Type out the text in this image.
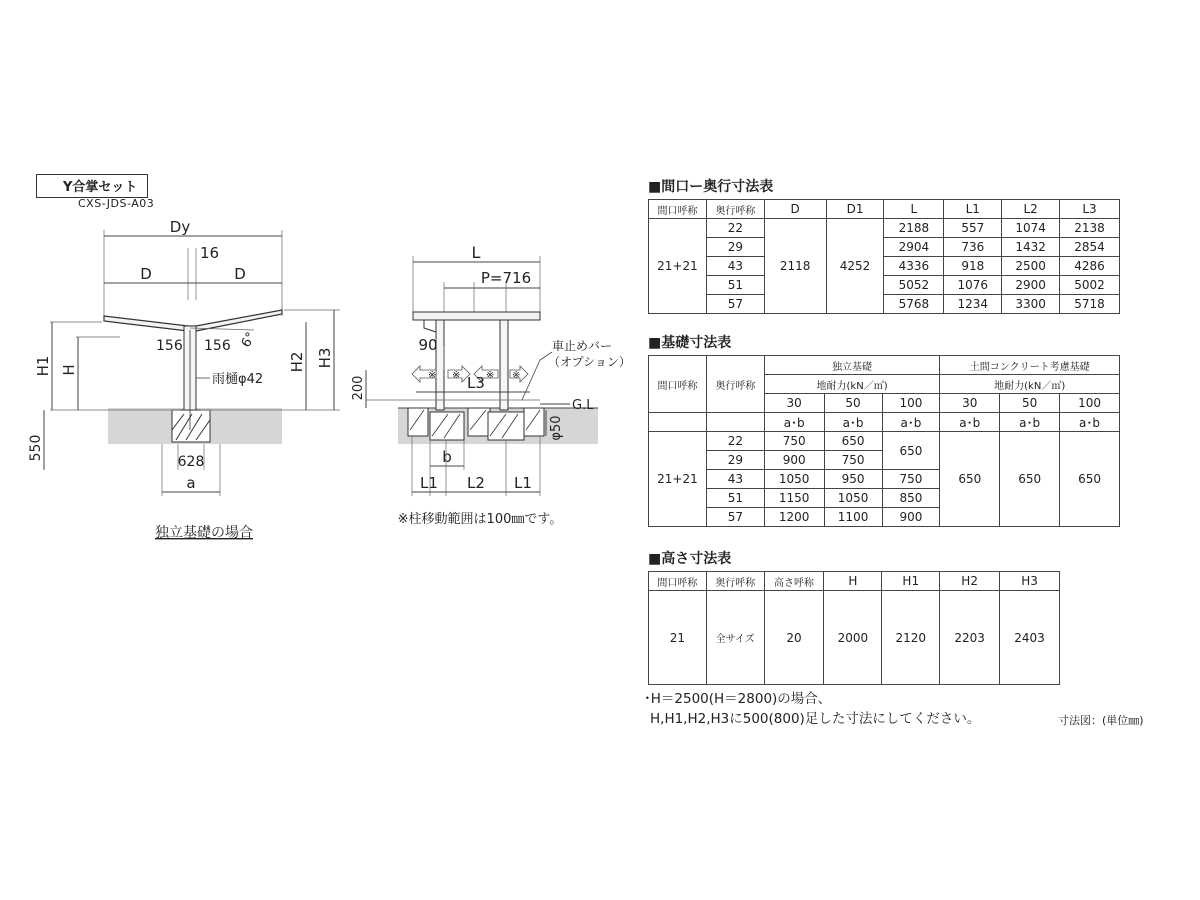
Y合掌セット
CXS-JDS-A03
Dy
16
D	D
H1 H	H2 H3
156 156 6°
雨樋φ42
550
628
a
独立基礎の場合
L
P=716
90
※ ※	※ ※
L3
200
G.L
φ50
車止めバー
（オプション）
b
L1 L2 L1
※柱移動範囲は100㎜です。
■間口ー奥行寸法表
間口呼称	奥行呼称	D	D1	L	L1	L2	L3
21+21	22	2118	4252	2188	557	1074	2138
	29			2904	736	1432	2854
	43			4336	918	2500	4286
	51			5052	1076	2900	5002
	57			5768	1234	3300	5718
■基礎寸法表
間口呼称	奥行呼称	独立基礎			土間コンクリート考慮基礎		
		地耐力(kN／㎡)			地耐力(kN／㎡)		
		30	50	100	30	50	100
		a･b	a･b	a･b	a･b	a･b	a･b
21+21	22	750	650	650	650	650	650
	29	900	750				
	43	1050	950	750			
	51	1150	1050	850			
	57	1200	1100	900			
■高さ寸法表
間口呼称	奥行呼称	高さ呼称	H	H1	H2	H3
21	全サイズ	20	2000	2120	2203	2403
･H＝2500(H＝2800)の場合、
H,H1,H2,H3に500(800)足した寸法にしてください。	寸法図：(単位㎜)
